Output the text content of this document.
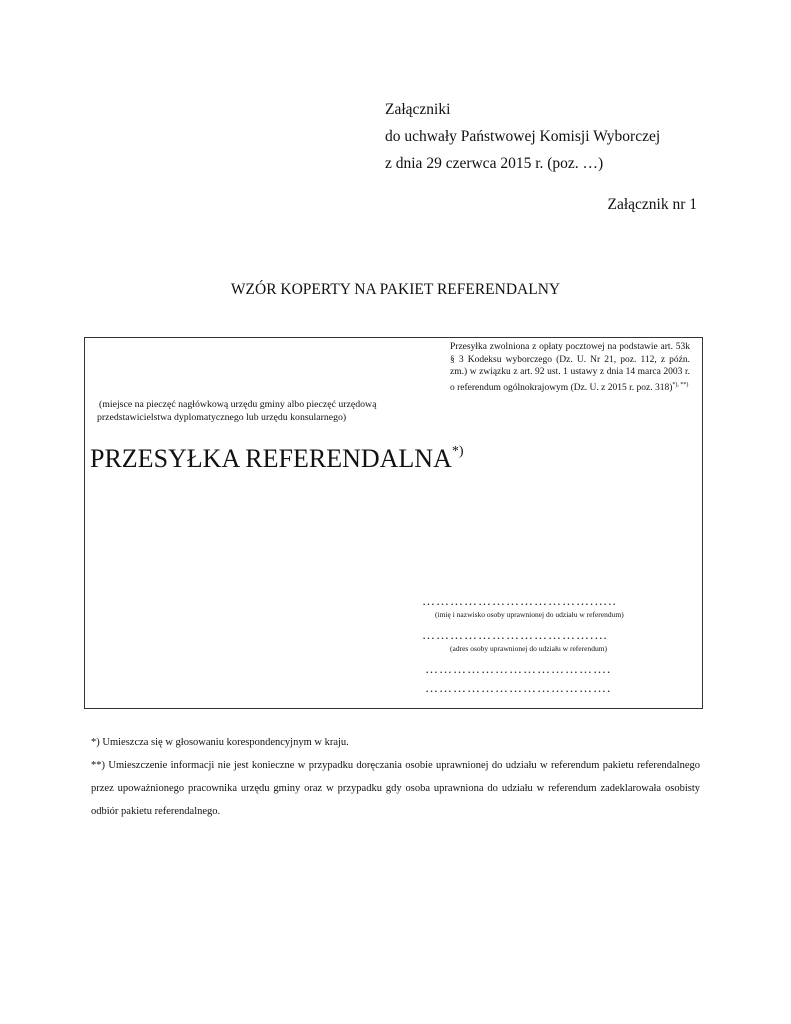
Załączniki
do uchwały Państwowej Komisji Wyborczej
z dnia 29 czerwca 2015 r. (poz. …)
Załącznik nr 1
WZÓR KOPERTY NA PAKIET REFERENDALNY
Przesyłka zwolniona z opłaty pocztowej na podstawie art. 53k § 3 Kodeksu wyborczego (Dz. U. Nr 21, poz. 112, z późn. zm.) w związku z art. 92 ust. 1 ustawy z dnia 14 marca 2003 r. o referendum ogólnokrajowym (Dz. U. z 2015 r. poz. 318)*), **)
(miejsce na pieczęć nagłówkową urzędu gminy albo pieczęć urzędową
przedstawicielstwa dyplomatycznego lub urzędu konsularnego)
PRZESYŁKA REFERENDALNA*)
……………………………….…..
(imię i nazwisko osoby uprawnionej do udziału w referendum)
……………………………….…
(adres osoby uprawnionej do udziału w referendum)
………………………………….
………………………………….

*) Umieszcza się w głosowaniu korespondencyjnym w kraju.

**) Umieszczenie informacji nie jest konieczne w przypadku doręczania osobie uprawnionej do udziału w referendum pakietu referendalnego przez upoważnionego pracownika urzędu gminy oraz w przypadku gdy osoba uprawniona do udziału w referendum zadeklarowała osobisty odbiór pakietu referendalnego.
